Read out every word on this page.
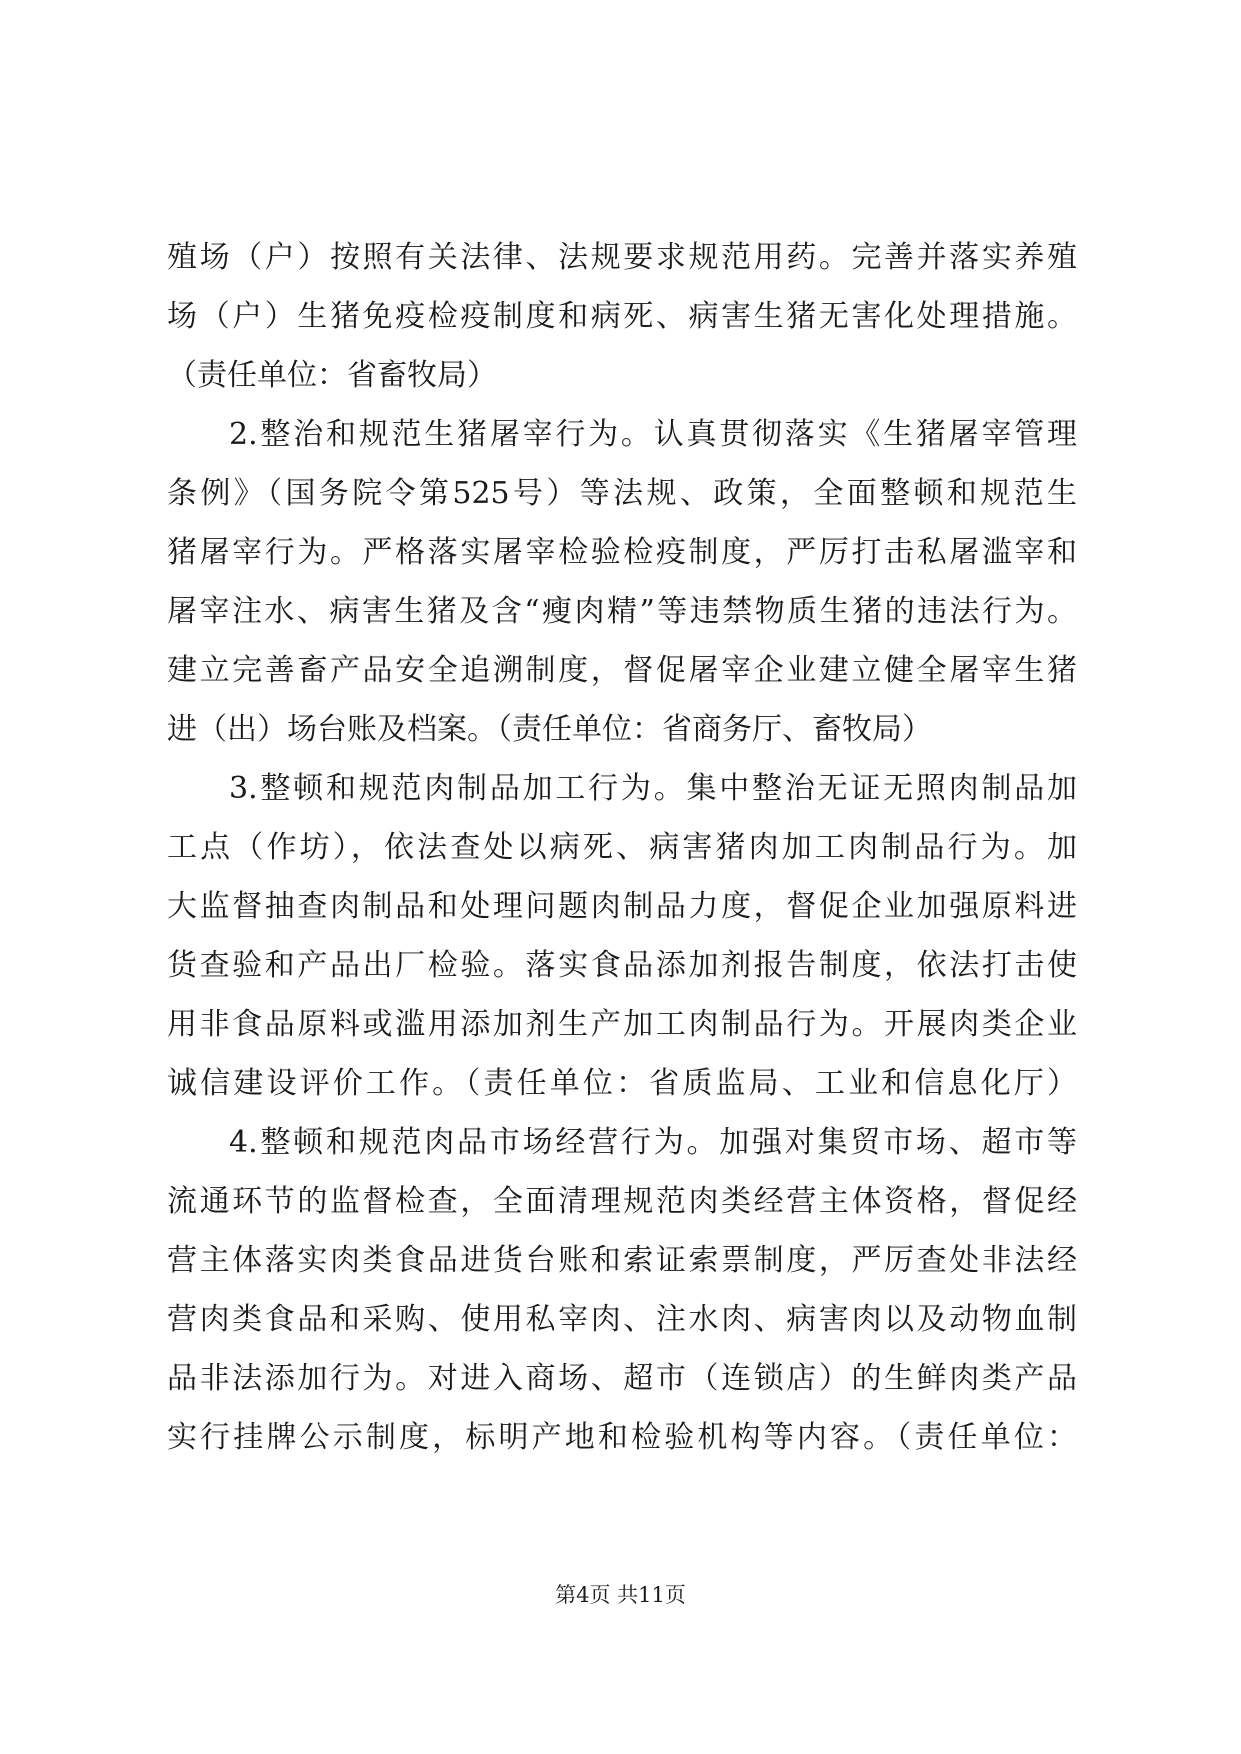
殖场（户）按照有关法律、法规要求规范用药。完善并落实养殖
场（户）生猪免疫检疫制度和病死、病害生猪无害化处理措施。
（责任单位：省畜牧局）
2.整治和规范生猪屠宰行为。认真贯彻落实《生猪屠宰管理
条例》（国务院令第525号）等法规、政策，全面整顿和规范生
猪屠宰行为。严格落实屠宰检验检疫制度，严厉打击私屠滥宰和
屠宰注水、病害生猪及含“瘦肉精”等违禁物质生猪的违法行为。
建立完善畜产品安全追溯制度，督促屠宰企业建立健全屠宰生猪
进（出）场台账及档案。（责任单位：省商务厅、畜牧局）
3.整顿和规范肉制品加工行为。集中整治无证无照肉制品加
工点（作坊），依法查处以病死、病害猪肉加工肉制品行为。加
大监督抽查肉制品和处理问题肉制品力度，督促企业加强原料进
货查验和产品出厂检验。落实食品添加剂报告制度，依法打击使
用非食品原料或滥用添加剂生产加工肉制品行为。开展肉类企业
诚信建设评价工作。（责任单位：省质监局、工业和信息化厅）
4.整顿和规范肉品市场经营行为。加强对集贸市场、超市等
流通环节的监督检查，全面清理规范肉类经营主体资格，督促经
营主体落实肉类食品进货台账和索证索票制度，严厉查处非法经
营肉类食品和采购、使用私宰肉、注水肉、病害肉以及动物血制
品非法添加行为。对进入商场、超市（连锁店）的生鲜肉类产品
实行挂牌公示制度，标明产地和检验机构等内容。（责任单位：
第4页 共11页
